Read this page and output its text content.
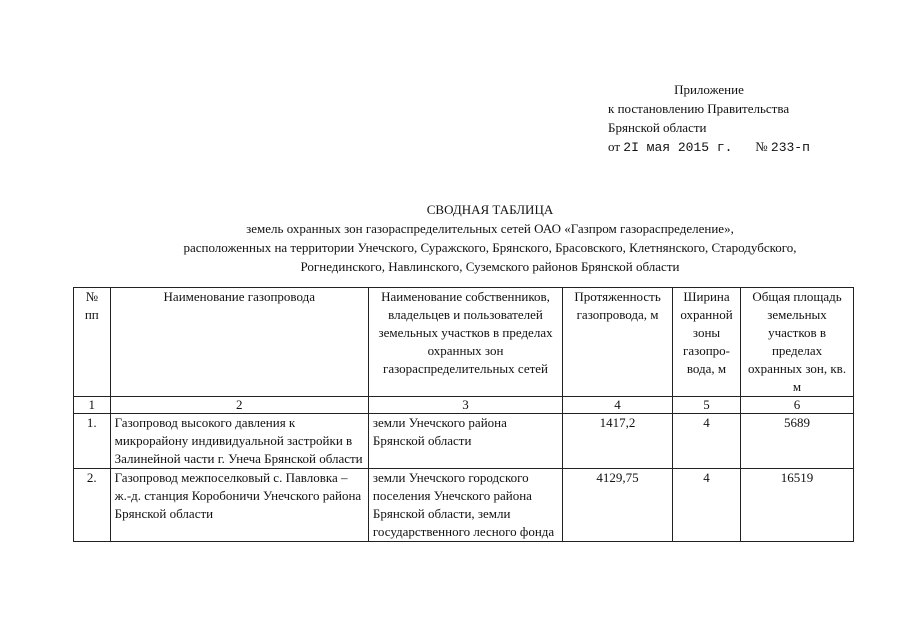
Приложение
к постановлению Правительства
Брянской области
от 2I мая 2015 г. № 233-п
СВОДНАЯ ТАБЛИЦА
земель охранных зон газораспределительных сетей ОАО «Газпром газораспределение»,
расположенных на территории Унечского, Суражского, Брянского, Брасовского, Клетнянского, Стародубского,
Рогнединского, Навлинского, Суземского районов Брянской области
№ пп	Наименование газопровода	Наименование собственников, владельцев и пользователей земельных участков в пределах охранных зон газораспределительных сетей	Протяженность газопровода, м	Ширина охранной зоны газопро-вода, м	Общая площадь земельных участков в пределах охранных зон, кв. м
1	2	3	4	5	6
1.	Газопровод высокого давления к микрорайону индивидуальной застройки в Залинейной части г. Унеча Брянской области	земли Унечского района Брянской области	1417,2	4	5689
2.	Газопровод межпоселковый с. Павловка – ж.-д. станция Коробоничи Унечского района Брянской области	земли Унечского городского поселения Унечского района Брянской области, земли государственного лесного фонда	4129,75	4	16519
